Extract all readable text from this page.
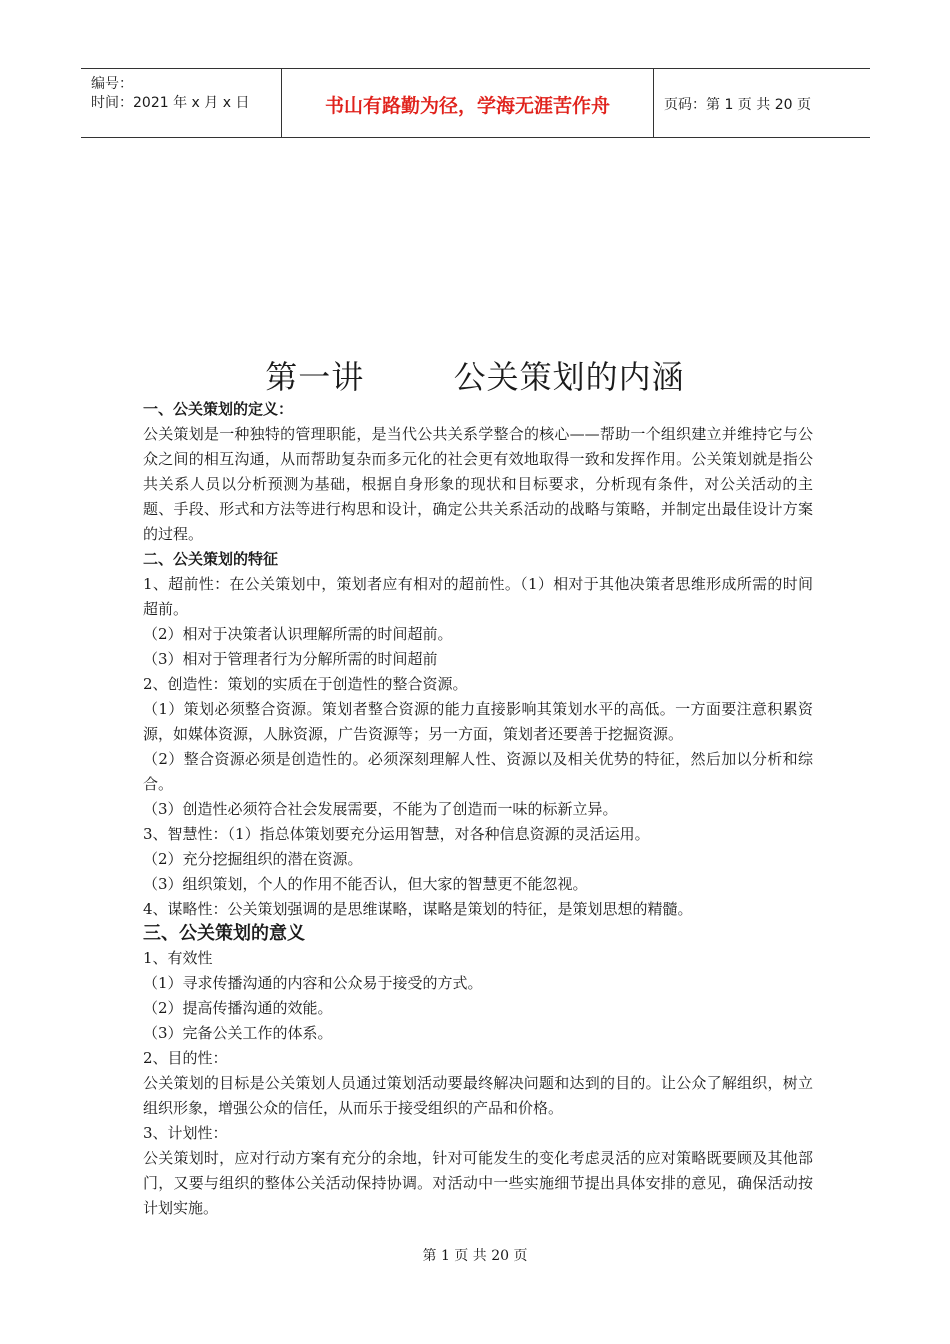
编号：
时间：2021 年 x 月 x 日	书山有路勤为径，学海无涯苦作舟	页码：第 1 页 共 20 页
第一讲        公关策划的内涵

一、公关策划的定义：

公关策划是一种独特的管理职能，是当代公共关系学整合的核心——帮助一个组织建立并维持它与公众之间的相互沟通，从而帮助复杂而多元化的社会更有效地取得一致和发挥作用。公关策划就是指公共关系人员以分析预测为基础，根据自身形象的现状和目标要求，分析现有条件，对公关活动的主题、手段、形式和方法等进行构思和设计，确定公共关系活动的战略与策略，并制定出最佳设计方案的过程。

二、公关策划的特征

1、超前性：在公关策划中，策划者应有相对的超前性。（1）相对于其他决策者思维形成所需的时间超前。

（2）相对于决策者认识理解所需的时间超前。

（3）相对于管理者行为分解所需的时间超前

2、创造性：策划的实质在于创造性的整合资源。

（1）策划必须整合资源。策划者整合资源的能力直接影响其策划水平的高低。一方面要注意积累资源，如媒体资源，人脉资源，广告资源等；另一方面，策划者还要善于挖掘资源。

（2）整合资源必须是创造性的。必须深刻理解人性、资源以及相关优势的特征，然后加以分析和综合。

（3）创造性必须符合社会发展需要，不能为了创造而一味的标新立异。

3、智慧性：（1）指总体策划要充分运用智慧，对各种信息资源的灵活运用。

（2）充分挖掘组织的潜在资源。

（3）组织策划，个人的作用不能否认，但大家的智慧更不能忽视。

4、谋略性：公关策划强调的是思维谋略，谋略是策划的特征，是策划思想的精髓。

三、公关策划的意义

1、有效性

（1）寻求传播沟通的内容和公众易于接受的方式。

（2）提高传播沟通的效能。

（3）完备公关工作的体系。

2、目的性：

公关策划的目标是公关策划人员通过策划活动要最终解决问题和达到的目的。让公众了解组织，树立组织形象，增强公众的信任，从而乐于接受组织的产品和价格。

3、计划性：

公关策划时，应对行动方案有充分的余地，针对可能发生的变化考虑灵活的应对策略既要顾及其他部门，又要与组织的整体公关活动保持协调。对活动中一些实施细节提出具体安排的意见，确保活动按计划实施。

第 1 页 共 20 页
